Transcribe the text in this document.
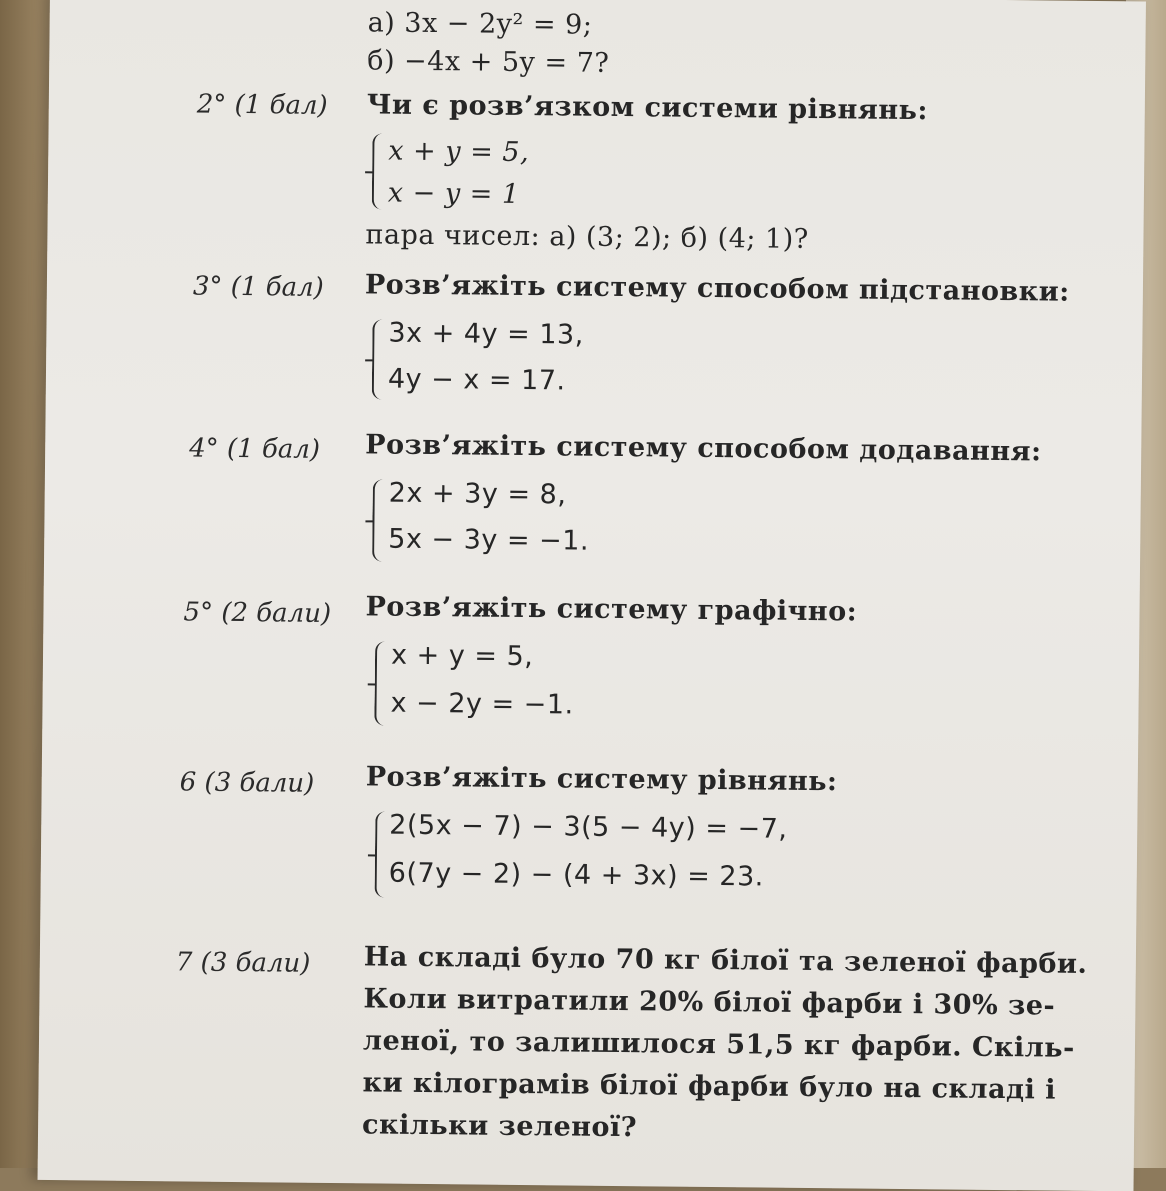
а) 3x − 2y² = 9;
б) −4x + 5y = 7?
2° (1 бал) Чи є розв’язком системи рівнянь:
x + y = 5,
x − y = 1
пара чисел: а) (3; 2); б) (4; 1)?
3° (1 бал) Розв’яжіть систему способом підстановки:
3x + 4y = 13,
4y − x = 17.
4° (1 бал) Розв’яжіть систему способом додавання:
2x + 3y = 8,
5x − 3y = −1.
5° (2 бали) Розв’яжіть систему графічно:
x + y = 5,
x − 2y = −1.
6 (3 бали) Розв’яжіть систему рівнянь:
2(5x − 7) − 3(5 − 4y) = −7,
6(7y − 2) − (4 + 3x) = 23.
7 (3 бали) На складі було 70 кг білої та зеленої фарби.
Коли витратили 20% білої фарби і 30% зе-
леної, то залишилося 51,5 кг фарби. Скіль-
ки кілограмів білої фарби було на складі і
скільки зеленої?
